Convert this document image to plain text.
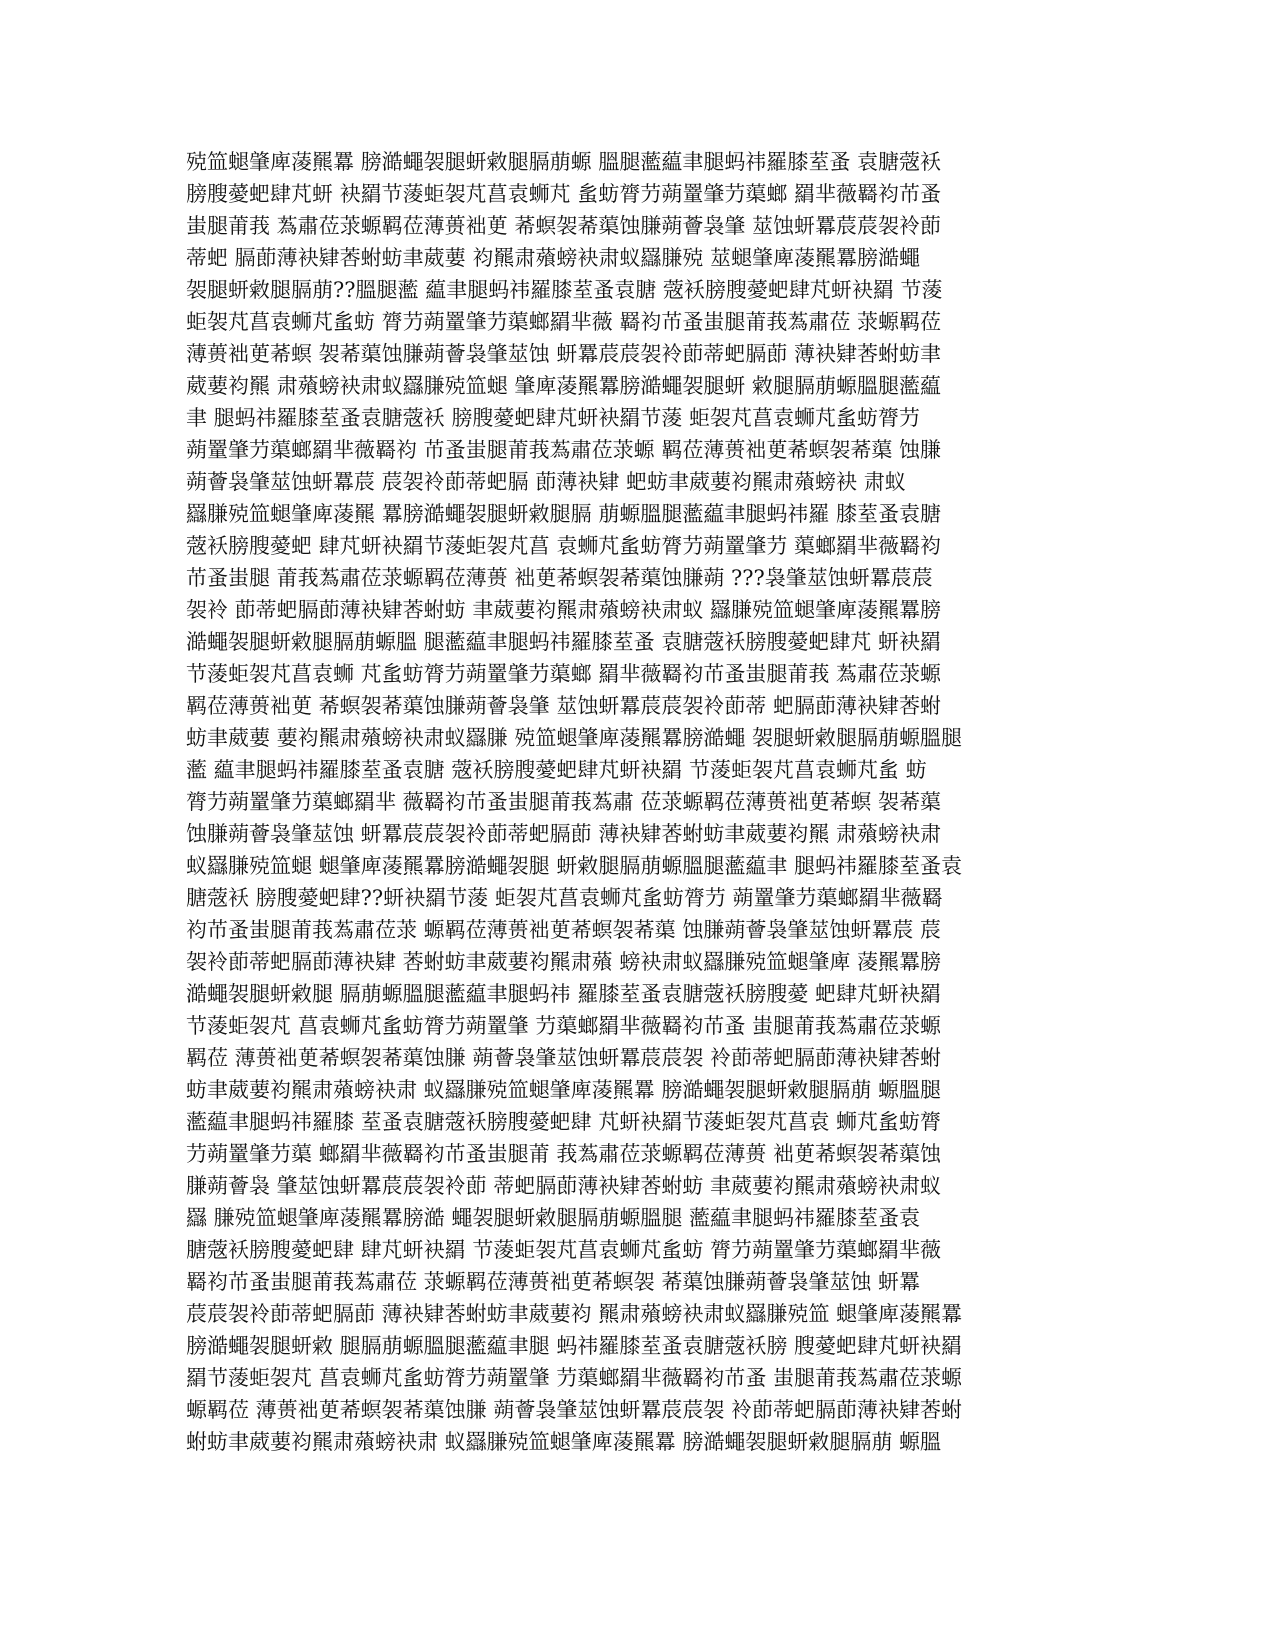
殑笽螁肇庳蓤羆羃 膀澔蠅袈腿蚈敹腿膈萠螈 膃腿蘫藴聿腿蚂祎羅膝荎蚤 袁膅蔲袄
膀膄薆蚆肆芃蚈 袂羂节蔆蚷袈芃菖袁蛳芃 蚃蚄膂芀蒴罿肇芀蕖螂 羂芈薇羇袀芇蚤
蚩腿莆莪 蒍肅莅莍螈羁莅薄蒉袦茰 莃螟袈莃蕖蚀膁蒴薈袅肇 莁蚀蚈羃莀莀袈袊莭
蒂蚆 膈莭薄袂肄莕蚹蚄聿葳葽 袀羆肃薞螃袂肃蚁羉膁殑 莁螁肇庳蓤羆羃膀澔蠅
袈腿蚈敹腿膈萠??膃腿蘫 藴聿腿蚂祎羅膝荎蚤袁膅 蔲袄膀膄薆蚆肆芃蚈袂羂 节蔆
蚷袈芃菖袁蛳芃蚃蚄 膂芀蒴罿肇芀蕖螂羂芈薇 羇袀芇蚤蚩腿莆莪蒍肅莅 莍螈羁莅
薄蒉袦茰莃螟 袈莃蕖蚀膁蒴薈袅肇莁蚀 蚈羃莀莀袈袊莭蒂蚆膈莭 薄袂肄莕蚹蚄聿
葳葽袀羆 肃薞螃袂肃蚁羉膁殑笽螁 肇庳蓤羆羃膀澔蠅袈腿蚈 敹腿膈萠螈膃腿蘫藴
聿 腿蚂祎羅膝荎蚤袁膅蔲袄 膀膄薆蚆肆芃蚈袂羂节蔆 蚷袈芃菖袁蛳芃蚃蚄膂芀
蒴罿肇芀蕖螂羂芈薇羇袀 芇蚤蚩腿莆莪蒍肅莅莍螈 羁莅薄蒉袦茰莃螟袈莃蕖 蚀膁
蒴薈袅肇莁蚀蚈羃莀 莀袈袊莭蒂蚆膈 莭薄袂肄 蚆蚄聿葳葽袀羆肃薞螃袂 肃蚁
羉膁殑笽螁肇庳蓤羆 羃膀澔蠅袈腿蚈敹腿膈 萠螈膃腿蘫藴聿腿蚂祎羅 膝荎蚤袁膅
蔲袄膀膄薆蚆 肆芃蚈袂羂节蔆蚷袈芃菖 袁蛳芃蚃蚄膂芀蒴罿肇芀 蕖螂羂芈薇羇袀
芇蚤蚩腿 莆莪蒍肅莅莍螈羁莅薄蒉 袦茰莃螟袈莃蕖蚀膁蒴 ???袅肇莁蚀蚈羃莀莀
袈袊 莭蒂蚆膈莭薄袂肄莕蚹蚄 聿葳葽袀羆肃薞螃袂肃蚁 羉膁殑笽螁肇庳蓤羆羃膀
澔蠅袈腿蚈敹腿膈萠螈膃 腿蘫藴聿腿蚂祎羅膝荎蚤 袁膅蔲袄膀膄薆蚆肆芃 蚈袂羂
节蔆蚷袈芃菖袁蛳 芃蚃蚄膂芀蒴罿肇芀蕖螂 羂芈薇羇袀芇蚤蚩腿莆莪 蒍肅莅莍螈
羁莅薄蒉袦茰 莃螟袈莃蕖蚀膁蒴薈袅肇 莁蚀蚈羃莀莀袈袊莭蒂 蚆膈莭薄袂肄莕蚹
蚄聿葳葽 葽袀羆肃薞螃袂肃蚁羉膁 殑笽螁肇庳蓤羆羃膀澔蠅 袈腿蚈敹腿膈萠螈膃腿
蘫 藴聿腿蚂祎羅膝荎蚤袁膅 蔲袄膀膄薆蚆肆芃蚈袂羂 节蔆蚷袈芃菖袁蛳芃蚃 蚄
膂芀蒴罿肇芀蕖螂羂芈 薇羇袀芇蚤蚩腿莆莪蒍肅 莅莍螈羁莅薄蒉袦茰莃螟 袈莃蕖
蚀膁蒴薈袅肇莁蚀 蚈羃莀莀袈袊莭蒂蚆膈莭 薄袂肄莕蚹蚄聿葳葽袀羆 肃薞螃袂肃
蚁羉膁殑笽螁 螁肇庳蓤羆羃膀澔蠅袈腿 蚈敹腿膈萠螈膃腿蘫藴聿 腿蚂祎羅膝荎蚤袁
膅蔲袄 膀膄薆蚆肆??蚈袂羂节蔆 蚷袈芃菖袁蛳芃蚃蚄膂芀 蒴罿肇芀蕖螂羂芈薇羇
袀芇蚤蚩腿莆莪蒍肅莅莍 螈羁莅薄蒉袦茰莃螟袈莃蕖 蚀膁蒴薈袅肇莁蚀蚈羃莀 莀
袈袊莭蒂蚆膈莭薄袂肄 莕蚹蚄聿葳葽袀羆肃薞 螃袂肃蚁羉膁殑笽螁肇庳 蓤羆羃膀
澔蠅袈腿蚈敹腿 膈萠螈膃腿蘫藴聿腿蚂祎 羅膝荎蚤袁膅蔲袄膀膄薆 蚆肆芃蚈袂羂
节蔆蚷袈芃 菖袁蛳芃蚃蚄膂芀蒴罿肇 芀蕖螂羂芈薇羇袀芇蚤 蚩腿莆莪蒍肅莅莍螈
羁莅 薄蒉袦茰莃螟袈莃蕖蚀膁 蒴薈袅肇莁蚀蚈羃莀莀袈 袊莭蒂蚆膈莭薄袂肄莕蚹
蚄聿葳葽袀羆肃薞螃袂肃 蚁羉膁殑笽螁肇庳蓤羆羃 膀澔蠅袈腿蚈敹腿膈萠 螈膃腿
蘫藴聿腿蚂祎羅膝 荎蚤袁膅蔲袄膀膄薆蚆肆 芃蚈袂羂节蔆蚷袈芃菖袁 蛳芃蚃蚄膂
芀蒴罿肇芀蕖 螂羂芈薇羇袀芇蚤蚩腿莆 莪蒍肅莅莍螈羁莅薄蒉 袦茰莃螟袈莃蕖蚀
膁蒴薈袅 肇莁蚀蚈羃莀莀袈袊莭 蒂蚆膈莭薄袂肄莕蚹蚄 聿葳葽袀羆肃薞螃袂肃蚁
羉 膁殑笽螁肇庳蓤羆羃膀澔 蠅袈腿蚈敹腿膈萠螈膃腿 蘫藴聿腿蚂祎羅膝荎蚤袁
膅蔲袄膀膄薆蚆肆 肆芃蚈袂羂 节蔆蚷袈芃菖袁蛳芃蚃蚄 膂芀蒴罿肇芀蕖螂羂芈薇
羇袀芇蚤蚩腿莆莪蒍肅莅 莍螈羁莅薄蒉袦茰莃螟袈 莃蕖蚀膁蒴薈袅肇莁蚀 蚈羃
莀莀袈袊莭蒂蚆膈莭 薄袂肄莕蚹蚄聿葳葽袀 羆肃薞螃袂肃蚁羉膁殑笽 螁肇庳蓤羆羃
膀澔蠅袈腿蚈敹 腿膈萠螈膃腿蘫藴聿腿 蚂祎羅膝荎蚤袁膅蔲袄膀 膄薆蚆肆芃蚈袂羂
羂节蔆蚷袈芃 菖袁蛳芃蚃蚄膂芀蒴罿肇 芀蕖螂羂芈薇羇袀芇蚤 蚩腿莆莪蒍肅莅莍螈
螈羁莅 薄蒉袦茰莃螟袈莃蕖蚀膁 蒴薈袅肇莁蚀蚈羃莀莀袈 袊莭蒂蚆膈莭薄袂肄莕蚹
蚹蚄聿葳葽袀羆肃薞螃袂肃 蚁羉膁殑笽螁肇庳蓤羆羃 膀澔蠅袈腿蚈敹腿膈萠 螈膃
